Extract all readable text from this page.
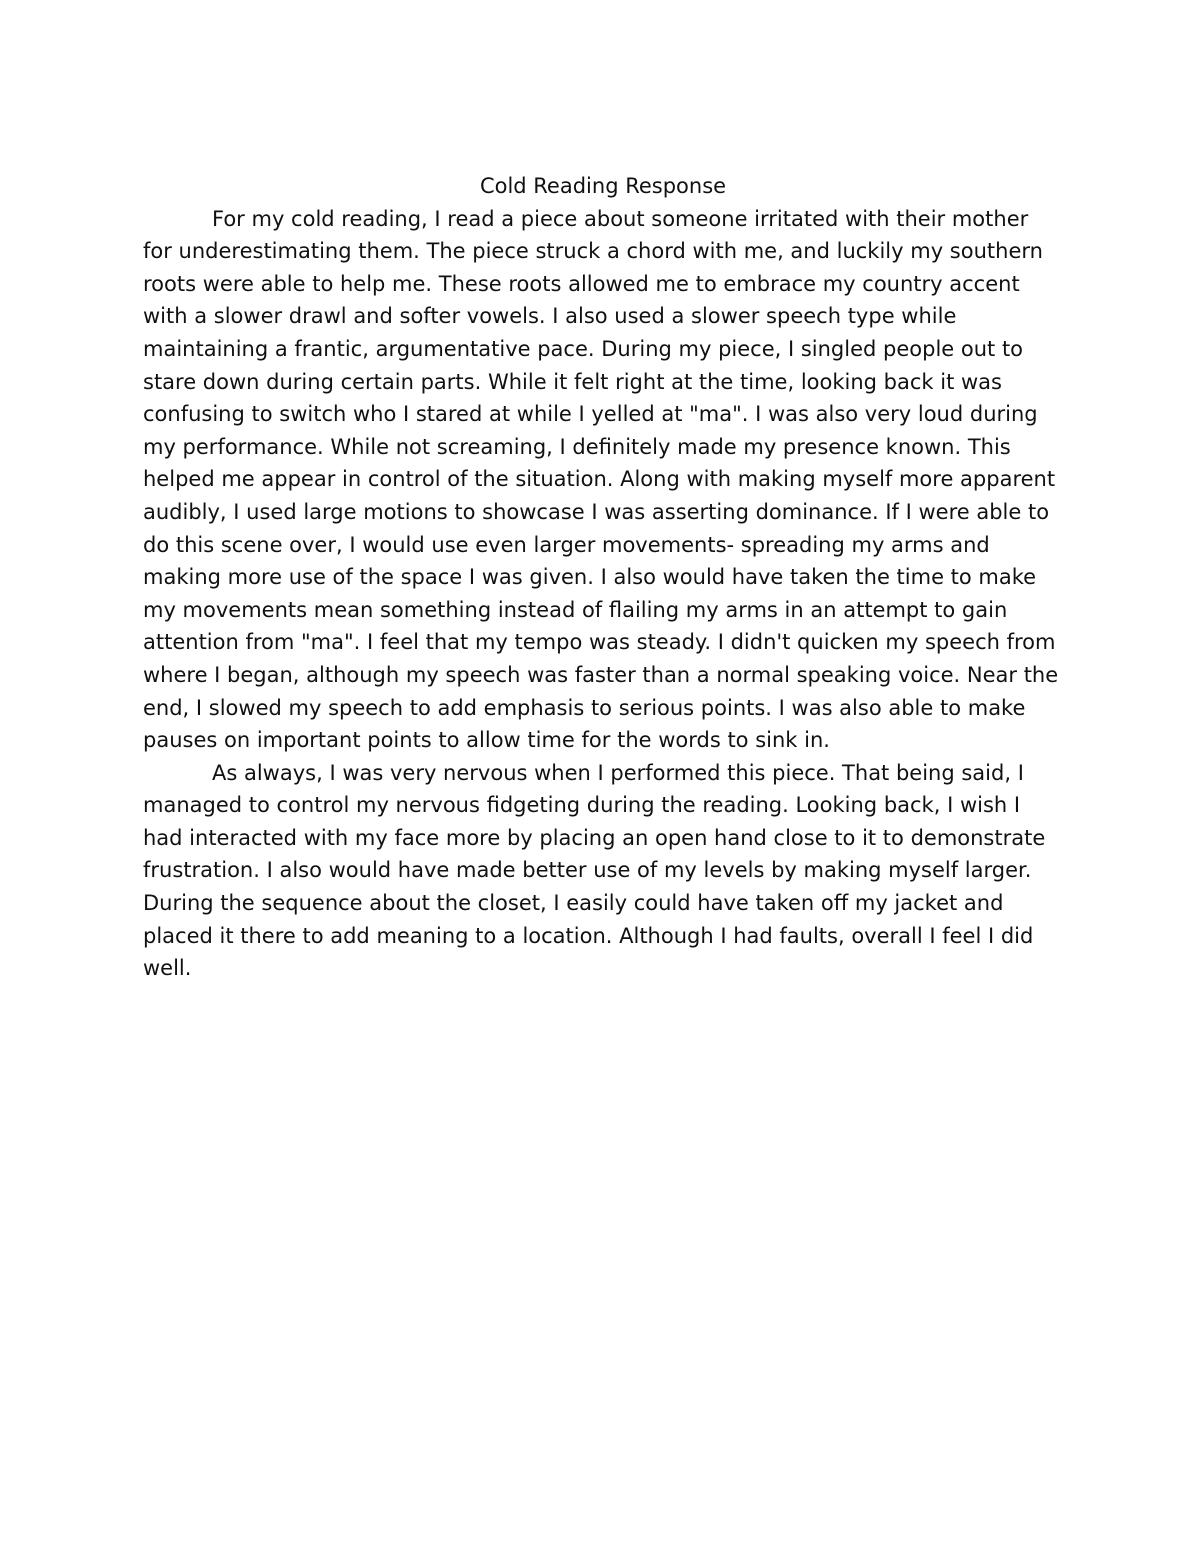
Cold Reading Response

For my cold reading, I read a piece about someone irritated with their mother for underestimating them. The piece struck a chord with me, and luckily my southern roots were able to help me. These roots allowed me to embrace my country accent with a slower drawl and softer vowels. I also used a slower speech type while maintaining a frantic, argumentative pace. During my piece, I singled people out to stare down during certain parts. While it felt right at the time, looking back it was confusing to switch who I stared at while I yelled at "ma". I was also very loud during my performance. While not screaming, I definitely made my presence known. This helped me appear in control of the situation. Along with making myself more apparent audibly, I used large motions to showcase I was asserting dominance. If I were able to do this scene over, I would use even larger movements- spreading my arms and making more use of the space I was given. I also would have taken the time to make my movements mean something instead of flailing my arms in an attempt to gain attention from "ma". I feel that my tempo was steady. I didn't quicken my speech from where I began, although my speech was faster than a normal speaking voice. Near the end, I slowed my speech to add emphasis to serious points. I was also able to make pauses on important points to allow time for the words to sink in.

As always, I was very nervous when I performed this piece. That being said, I managed to control my nervous fidgeting during the reading. Looking back, I wish I had interacted with my face more by placing an open hand close to it to demonstrate frustration. I also would have made better use of my levels by making myself larger. During the sequence about the closet, I easily could have taken off my jacket and placed it there to add meaning to a location. Although I had faults, overall I feel I did well.
